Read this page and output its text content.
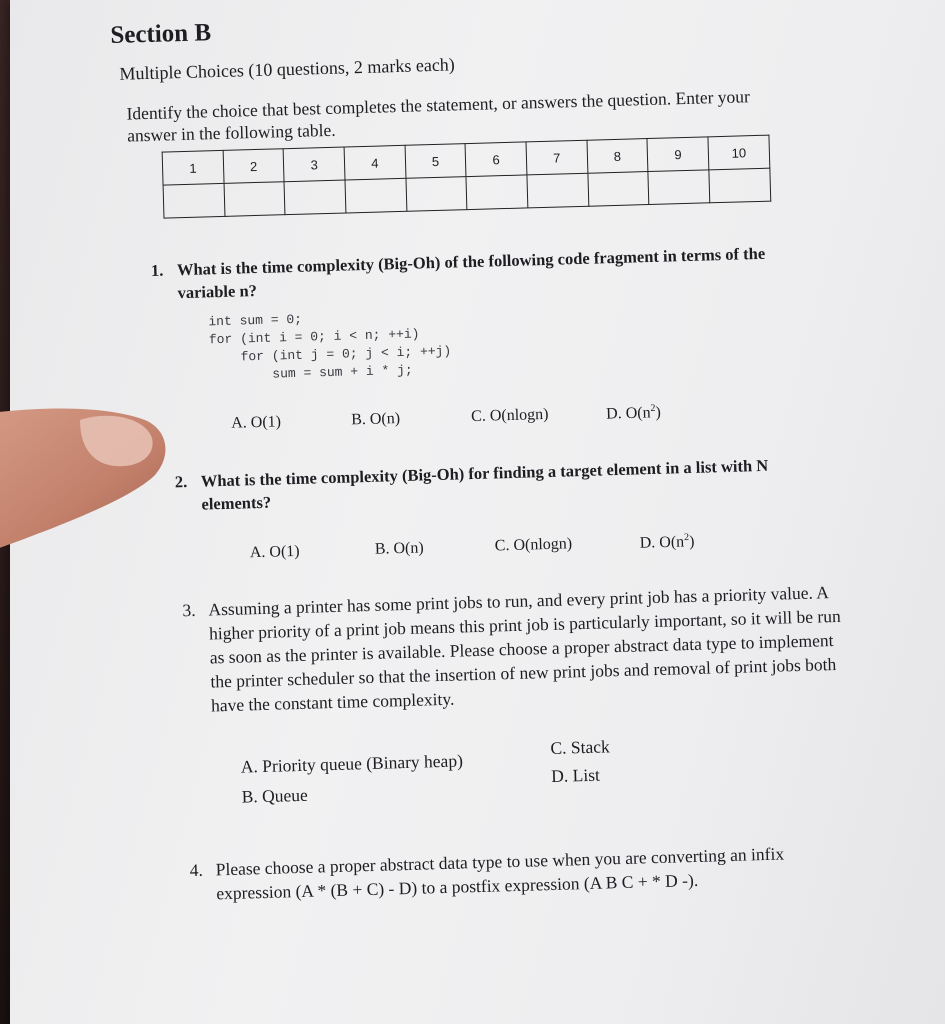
Section B
Multiple Choices (10 questions, 2 marks each)
Identify the choice that best completes the statement, or answers the question. Enter your answer in the following table.
1	2	3	4	5	6	7	8	9	10

1. What is the time complexity (Big-Oh) of the following code fragment in terms of the variable n?
int sum = 0;
for (int i = 0; i < n; ++i)
for (int j = 0; j < i; ++j)
sum = sum + i * j;
A. O(1)	B. O(n)	C. O(nlogn)	D. $O(n^2)$
2. What is the time complexity (Big-Oh) for finding a target element in a list with N elements?
A. O(1)	B. O(n)	C. O(nlogn)	D. $O(n^2)$
3. Assuming a printer has some print jobs to run, and every print job has a priority value. A higher priority of a print job means this print job is particularly important, so it will be run as soon as the printer is available. Please choose a proper abstract data type to implement the printer scheduler so that the insertion of new print jobs and removal of print jobs both have the constant time complexity.
A. Priority queue (Binary heap)
B. Queue
C. Stack
D. List
4. Please choose a proper abstract data type to use when you are converting an infix expression (A * (B + C) - D) to a postfix expression (A B C + * D -).
